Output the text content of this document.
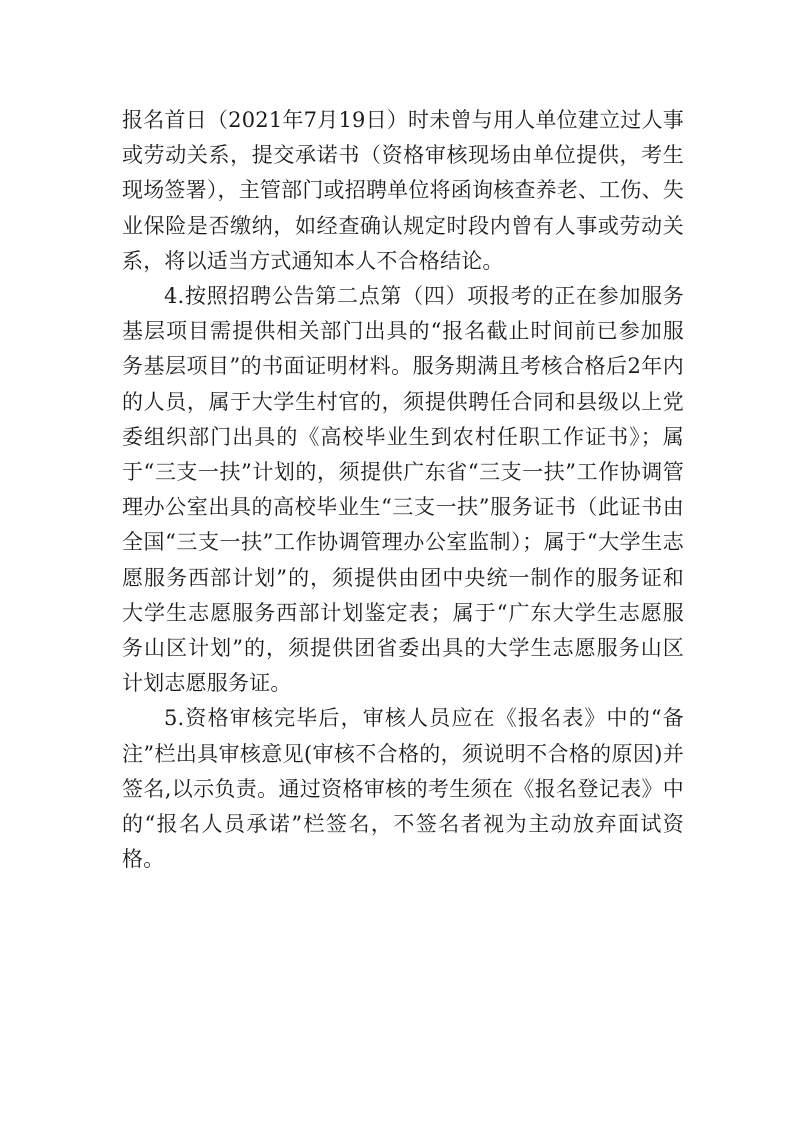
报名首日（2021年7月19日）时未曾与用人单位建立过人事或劳动关系，提交承诺书（资格审核现场由单位提供，考生现场签署），主管部门或招聘单位将函询核查养老、工伤、失业保险是否缴纳，如经查确认规定时段内曾有人事或劳动关系，将以适当方式通知本人不合格结论。

4.按照招聘公告第二点第（四）项报考的正在参加服务基层项目需提供相关部门出具的“报名截止时间前已参加服务基层项目”的书面证明材料。服务期满且考核合格后2年内的人员，属于大学生村官的，须提供聘任合同和县级以上党委组织部门出具的《高校毕业生到农村任职工作证书》；属于“三支一扶”计划的，须提供广东省“三支一扶”工作协调管理办公室出具的高校毕业生“三支一扶”服务证书（此证书由全国“三支一扶”工作协调管理办公室监制）；属于“大学生志愿服务西部计划”的，须提供由团中央统一制作的服务证和大学生志愿服务西部计划鉴定表；属于“广东大学生志愿服务山区计划”的，须提供团省委出具的大学生志愿服务山区计划志愿服务证。

5.资格审核完毕后，审核人员应在《报名表》中的“备注”栏出具审核意见(审核不合格的，须说明不合格的原因)并签名,以示负责。通过资格审核的考生须在《报名登记表》中的“报名人员承诺”栏签名，不签名者视为主动放弃面试资格。
